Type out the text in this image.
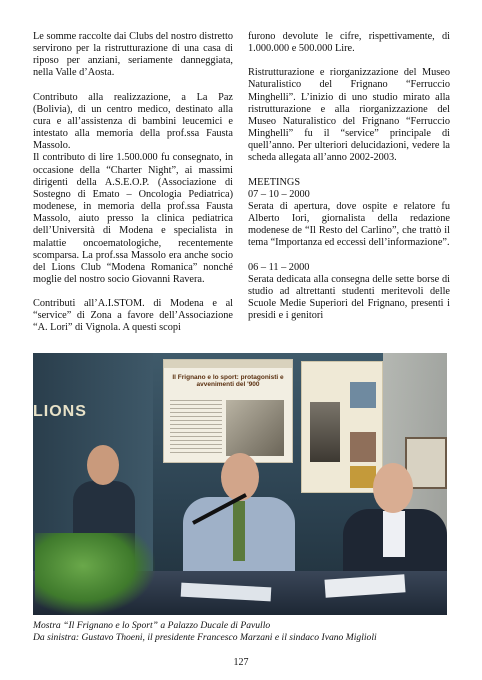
Le somme raccolte dai Clubs del nostro distretto servirono per la ristrutturazione di una casa di riposo per anziani, seriamente danneggiata, nella Valle d’Aosta.

Contributo alla realizzazione, a La Paz (Bolivia), di un centro medico, destinato alla cura e all’assistenza di bambini leucemici e intestato alla memoria della prof.ssa Fausta Massolo.

Il contributo di lire 1.500.000 fu consegnato, in occasione della “Charter Night”, ai massimi dirigenti della A.S.E.O.P. (Associazione di Sostegno di Emato – Oncologia Pediatrica) modenese, in memoria della prof.ssa Fausta Massolo, aiuto presso la clinica pediatrica dell’Università di Modena e specialista in malattie oncoematologiche, recentemente scomparsa. La prof.ssa Massolo era anche socio del Lions Club “Modena Romanica” nonché moglie del nostro socio Giovanni Ravera.

Contributi all’A.I.STOM. di Modena e al “service” di Zona a favore dell’Associazione “A. Lori” di Vignola. A questi scopi

furono devolute le cifre, rispettivamente, di 1.000.000 e 500.000 Lire.

Ristrutturazione e riorganizzazione del Museo Naturalistico del Frignano “Ferruccio Minghelli”. L’inizio di uno studio mirato alla ristrutturazione e alla riorganizzazione del Museo Naturalistico del Frignano “Ferruccio Minghelli” fu il “service” principale di quell’anno. Per ulteriori delucidazioni, vedere la scheda allegata all’anno 2002-2003.

MEETINGS

07 – 10 – 2000

Serata di apertura, dove ospite e relatore fu Alberto Iori, giornalista della redazione modenese de “Il Resto del Carlino”, che trattò il tema “Importanza ed eccessi dell’informazione”.

06 – 11 – 2000

Serata dedicata alla consegna delle sette borse di studio ad altrettanti studenti meritevoli delle Scuole Medie Superiori del Frignano, presenti i presidi e i genitori

LIONS
Il Frignano e lo sport: protagonisti e avvenimenti del '900

Mostra “Il Frignano e lo Sport” a Palazzo Ducale di Pavullo

Da sinistra: Gustavo Thoeni, il presidente Francesco Marzani e il sindaco Ivano Miglioli

127
